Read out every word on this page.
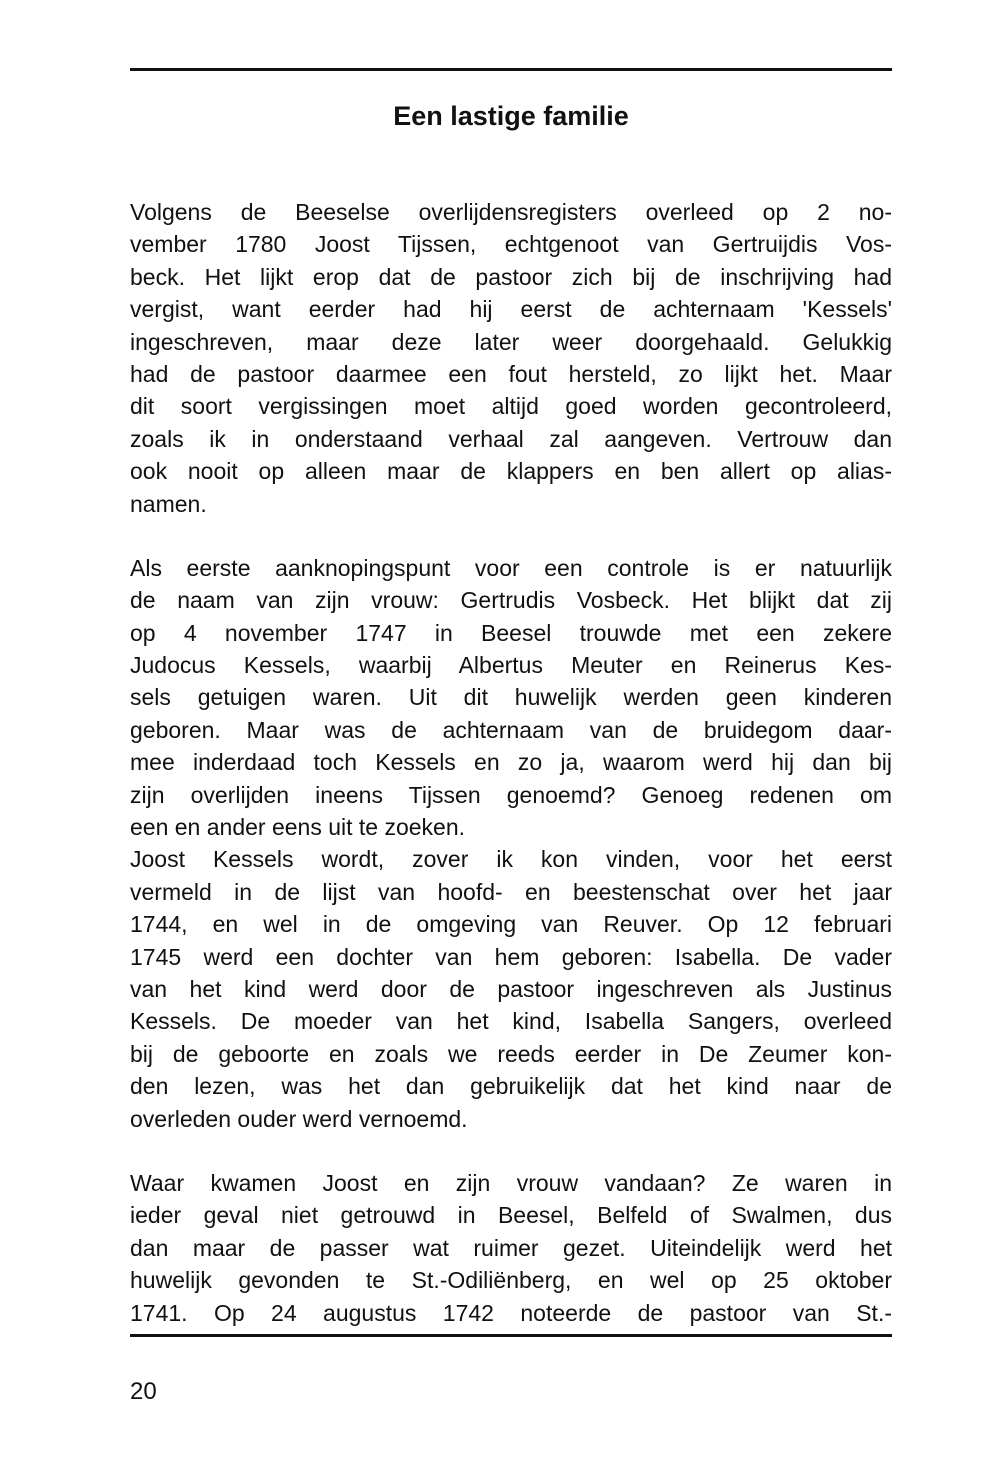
Een lastige familie
Volgens de Beeselse overlijdensregisters overleed op 2 no-
vember 1780 Joost Tijssen, echtgenoot van Gertruijdis Vos-
beck. Het lijkt erop dat de pastoor zich bij de inschrijving had
vergist, want eerder had hij eerst de achternaam 'Kessels'
ingeschreven, maar deze later weer doorgehaald. Gelukkig
had de pastoor daarmee een fout hersteld, zo lijkt het. Maar
dit soort vergissingen moet altijd goed worden gecontroleerd,
zoals ik in onderstaand verhaal zal aangeven. Vertrouw dan
ook nooit op alleen maar de klappers en ben allert op alias-
namen.
Als eerste aanknopingspunt voor een controle is er natuurlijk
de naam van zijn vrouw: Gertrudis Vosbeck. Het blijkt dat zij
op 4 november 1747 in Beesel trouwde met een zekere
Judocus Kessels, waarbij Albertus Meuter en Reinerus Kes-
sels getuigen waren. Uit dit huwelijk werden geen kinderen
geboren. Maar was de achternaam van de bruidegom daar-
mee inderdaad toch Kessels en zo ja, waarom werd hij dan bij
zijn overlijden ineens Tijssen genoemd? Genoeg redenen om
een en ander eens uit te zoeken.
Joost Kessels wordt, zover ik kon vinden, voor het eerst
vermeld in de lijst van hoofd- en beestenschat over het jaar
1744, en wel in de omgeving van Reuver. Op 12 februari
1745 werd een dochter van hem geboren: Isabella. De vader
van het kind werd door de pastoor ingeschreven als Justinus
Kessels. De moeder van het kind, Isabella Sangers, overleed
bij de geboorte en zoals we reeds eerder in De Zeumer kon-
den lezen, was het dan gebruikelijk dat het kind naar de
overleden ouder werd vernoemd.
Waar kwamen Joost en zijn vrouw vandaan? Ze waren in
ieder geval niet getrouwd in Beesel, Belfeld of Swalmen, dus
dan maar de passer wat ruimer gezet. Uiteindelijk werd het
huwelijk gevonden te St.-Odiliënberg, en wel op 25 oktober
1741. Op 24 augustus 1742 noteerde de pastoor van St.-
20
